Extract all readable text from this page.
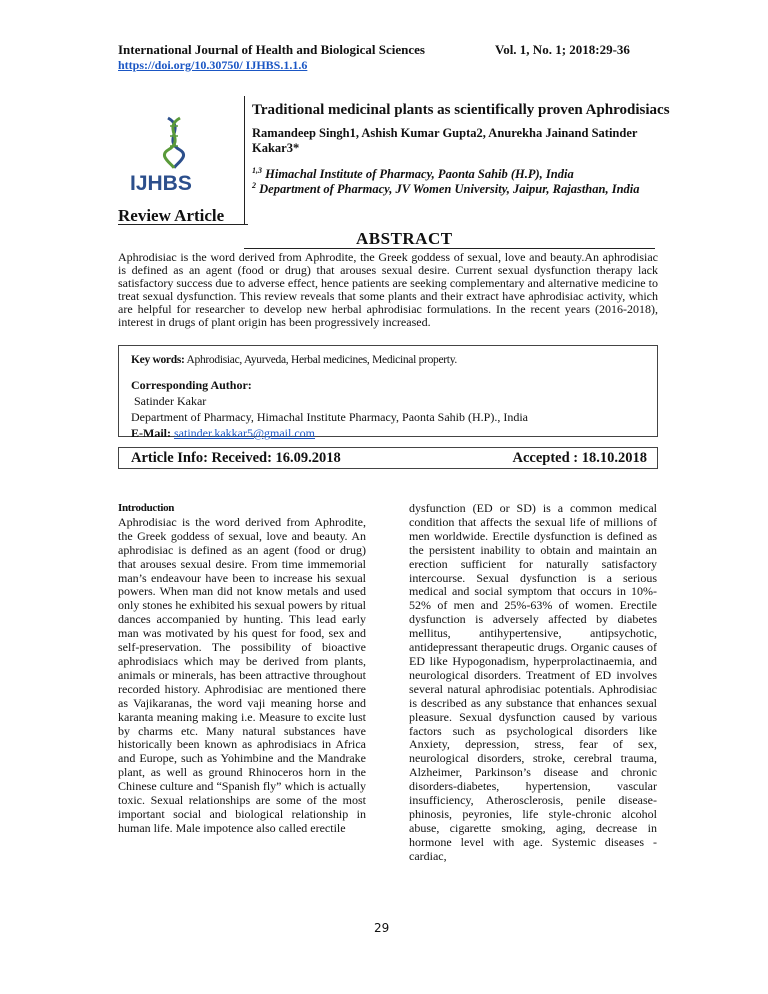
International Journal of Health and Biological Sciences	Vol. 1, No. 1; 2018:29-36
https://doi.org/10.30750/ IJHBS.1.1.6
IJHBS
Traditional medicinal plants as scientifically proven Aphrodisiacs
Ramandeep Singh1, Ashish Kumar Gupta2, Anurekha Jainand Satinder
Kakar3*
$^{1,3}$ Himachal Institute of Pharmacy, Paonta Sahib (H.P), India
$^2$ Department of Pharmacy, JV Women University, Jaipur, Rajasthan, India
Review Article
ABSTRACT
Aphrodisiac is the word derived from Aphrodite, the Greek goddess of sexual, love and beauty.An aphrodisiac is defined as an agent (food or drug) that arouses sexual desire. Current sexual dysfunction therapy lack satisfactory success due to adverse effect, hence patients are seeking complementary and alternative medicine to treat sexual dysfunction. This review reveals that some plants and their extract have aphrodisiac activity, which are helpful for researcher to develop new herbal aphrodisiac formulations. In the recent years (2016-2018), interest in drugs of plant origin has been progressively increased.

Key words: Aphrodisiac, Ayurveda, Herbal medicines, Medicinal property.

Corresponding Author:

Satinder Kakar

Department of Pharmacy, Himachal Institute Pharmacy, Paonta Sahib (H.P)., India

E-Mail: satinder.kakkar5@gmail.com

Article Info: Received: 16.09.2018	Accepted : 18.10.2018
Introduction
Aphrodisiac is the word derived from Aphrodite, the Greek goddess of sexual, love and beauty. An aphrodisiac is defined as an agent (food or drug) that arouses sexual desire. From time immemorial man’s endeavour have been to increase his sexual powers. When man did not know metals and used only stones he exhibited his sexual powers by ritual dances accompanied by hunting. This lead early man was motivated by his quest for food, sex and self-preservation. The possibility of bioactive aphrodisiacs which may be derived from plants, animals or minerals, has been attractive throughout recorded history. Aphrodisiac are mentioned there as Vajikaranas, the word vaji meaning horse and karanta meaning making i.e. Measure to excite lust by charms etc. Many natural substances have historically been known as aphrodisiacs in Africa and Europe, such as Yohimbine and the Mandrake plant, as well as ground Rhinoceros horn in the Chinese culture and “Spanish fly” which is actually toxic. Sexual relationships are some of the most important social and biological relationship in human life. Male impotence also called erectile
dysfunction (ED or SD) is a common medical condition that affects the sexual life of millions of men worldwide. Erectile dysfunction is defined as the persistent inability to obtain and maintain an erection sufficient for naturally satisfactory intercourse. Sexual dysfunction is a serious medical and social symptom that occurs in 10%- 52% of men and 25%-63% of women. Erectile dysfunction is adversely affected by diabetes mellitus, antihypertensive, antipsychotic, antidepressant therapeutic drugs. Organic causes of ED like Hypogonadism, hyperprolactinaemia, and neurological disorders. Treatment of ED involves several natural aphrodisiac potentials. Aphrodisiac is described as any substance that enhances sexual pleasure. Sexual dysfunction caused by various factors such as psychological disorders like Anxiety, depression, stress, fear of sex, neurological disorders, stroke, cerebral trauma, Alzheimer, Parkinson’s disease and chronic disorders-diabetes, hypertension, vascular insufficiency, Atherosclerosis, penile disease-phinosis, peyronies, life style-chronic alcohol abuse, cigarette smoking, aging, decrease in hormone level with age. Systemic diseases - cardiac,
29
